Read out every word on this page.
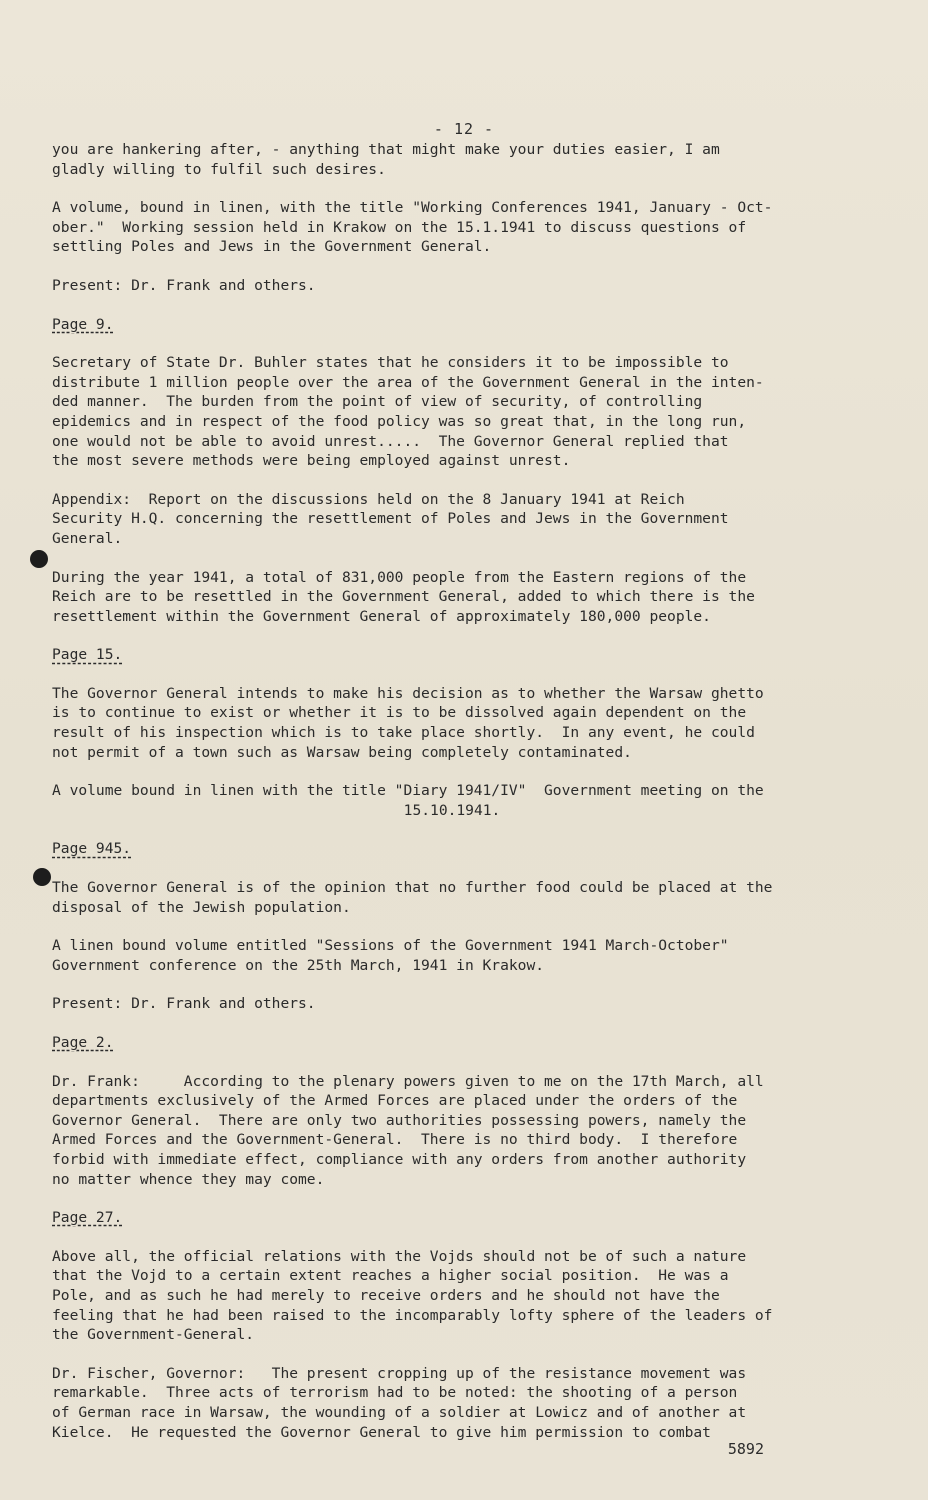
- 12 -

you are hankering after, - anything that might make your duties easier, I am
gladly willing to fulfil such desires.

A volume, bound in linen, with the title "Working Conferences 1941, January - Oct-
ober."  Working session held in Krakow on the 15.1.1941 to discuss questions of
settling Poles and Jews in the Government General.

Present: Dr. Frank and others.

Page 9.

Secretary of State Dr. Buhler states that he considers it to be impossible to
distribute 1 million people over the area of the Government General in the inten-
ded manner.  The burden from the point of view of security, of controlling
epidemics and in respect of the food policy was so great that, in the long run,
one would not be able to avoid unrest.....  The Governor General replied that
the most severe methods were being employed against unrest.

Appendix:  Report on the discussions held on the 8 January 1941 at Reich
Security H.Q. concerning the resettlement of Poles and Jews in the Government
General.

During the year 1941, a total of 831,000 people from the Eastern regions of the
Reich are to be resettled in the Government General, added to which there is the
resettlement within the Government General of approximately 180,000 people.

Page 15.

The Governor General intends to make his decision as to whether the Warsaw ghetto
is to continue to exist or whether it is to be dissolved again dependent on the
result of his inspection which is to take place shortly.  In any event, he could
not permit of a town such as Warsaw being completely contaminated.

A volume bound in linen with the title "Diary 1941/IV"  Government meeting on the

15.10.1941.

Page 945.

The Governor General is of the opinion that no further food could be placed at the
disposal of the Jewish population.

A linen bound volume entitled "Sessions of the Government 1941 March-October"
Government conference on the 25th March, 1941 in Krakow.

Present: Dr. Frank and others.

Page 2.

Dr. Frank:     According to the plenary powers given to me on the 17th March, all
departments exclusively of the Armed Forces are placed under the orders of the
Governor General.  There are only two authorities possessing powers, namely the
Armed Forces and the Government-General.  There is no third body.  I therefore
forbid with immediate effect, compliance with any orders from another authority
no matter whence they may come.

Page 27.

Above all, the official relations with the Vojds should not be of such a nature
that the Vojd to a certain extent reaches a higher social position.  He was a
Pole, and as such he had merely to receive orders and he should not have the
feeling that he had been raised to the incomparably lofty sphere of the leaders of
the Government-General.

Dr. Fischer, Governor:   The present cropping up of the resistance movement was
remarkable.  Three acts of terrorism had to be noted: the shooting of a person
of German race in Warsaw, the wounding of a soldier at Lowicz and of another at
Kielce.  He requested the Governor General to give him permission to combat

5892
